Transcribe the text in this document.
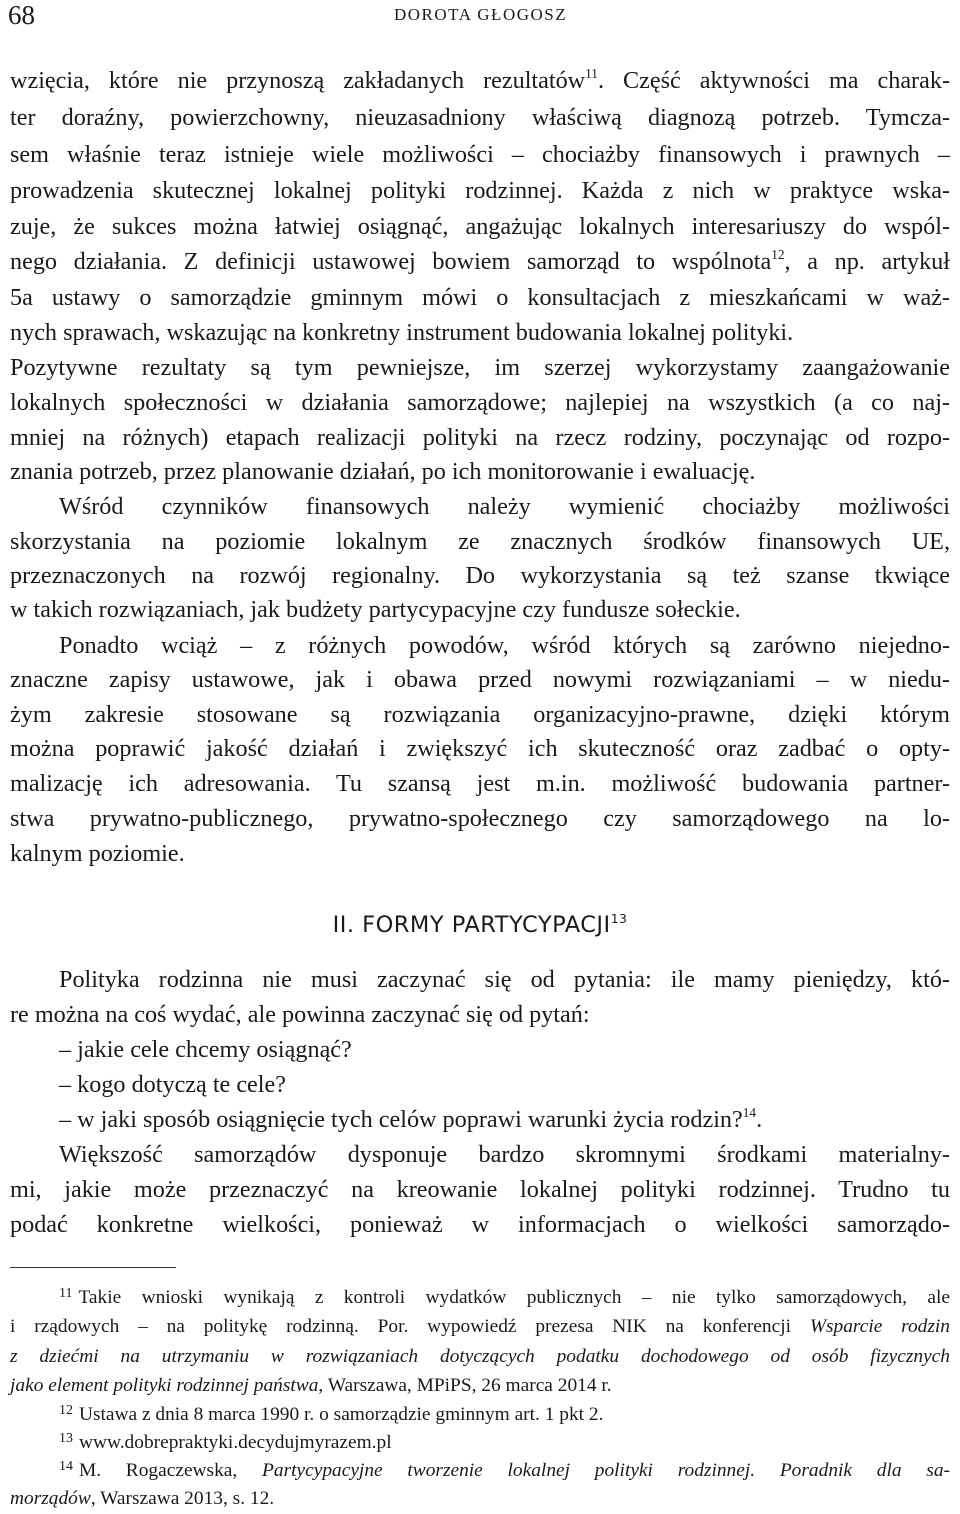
68	DOROTA GŁOGOSZ
wzięcia, które nie przynoszą zakładanych rezultatów$^{11}$. Część aktywności ma charak-
ter doraźny, powierzchowny, nieuzasadniony właściwą diagnozą potrzeb. Tymcza-
sem właśnie teraz istnieje wiele możliwości – chociażby finansowych i prawnych –
prowadzenia skutecznej lokalnej polityki rodzinnej. Każda z nich w praktyce wska-
zuje, że sukces można łatwiej osiągnąć, angażując lokalnych interesariuszy do wspól-
nego działania. Z definicji ustawowej bowiem samorząd to wspólnota$^{12}$, a np. artykuł
5a ustawy o samorządzie gminnym mówi o konsultacjach z mieszkańcami w waż-
nych sprawach, wskazując na konkretny instrument budowania lokalnej polityki.
Pozytywne rezultaty są tym pewniejsze, im szerzej wykorzystamy zaangażowanie
lokalnych społeczności w działania samorządowe; najlepiej na wszystkich (a co naj-
mniej na różnych) etapach realizacji polityki na rzecz rodziny, poczynając od rozpo-
znania potrzeb, przez planowanie działań, po ich monitorowanie i ewaluację.
Wśród czynników finansowych należy wymienić chociażby możliwości
skorzystania na poziomie lokalnym ze znacznych środków finansowych UE,
przeznaczonych na rozwój regionalny. Do wykorzystania są też szanse tkwiące
w takich rozwiązaniach, jak budżety partycypacyjne czy fundusze sołeckie.
Ponadto wciąż – z różnych powodów, wśród których są zarówno niejedno-
znaczne zapisy ustawowe, jak i obawa przed nowymi rozwiązaniami – w niedu-
żym zakresie stosowane są rozwiązania organizacyjno-prawne, dzięki którym
można poprawić jakość działań i zwiększyć ich skuteczność oraz zadbać o opty-
malizację ich adresowania. Tu szansą jest m.in. możliwość budowania partner-
stwa prywatno-publicznego, prywatno-społecznego czy samorządowego na lo-
kalnym poziomie.
II. FORMY PARTYCYPACJI$^{13}$
Polityka rodzinna nie musi zaczynać się od pytania: ile mamy pieniędzy, któ-
re można na coś wydać, ale powinna zaczynać się od pytań:
– jakie cele chcemy osiągnąć?
– kogo dotyczą te cele?
– w jaki sposób osiągnięcie tych celów poprawi warunki życia rodzin?$^{14}$.
Większość samorządów dysponuje bardzo skromnymi środkami materialny-
mi, jakie może przeznaczyć na kreowanie lokalnej polityki rodzinnej. Trudno tu
podać konkretne wielkości, ponieważ w informacjach o wielkości samorządo-
$^{11}$ Takie wnioski wynikają z kontroli wydatków publicznych – nie tylko samorządowych, ale
i rządowych – na politykę rodzinną. Por. wypowiedź prezesa NIK na konferencji Wsparcie rodzin
z dziećmi na utrzymaniu w rozwiązaniach dotyczących podatku dochodowego od osób fizycznych
jako element polityki rodzinnej państwa, Warszawa, MPiPS, 26 marca 2014 r.
$^{12}$ Ustawa z dnia 8 marca 1990 r. o samorządzie gminnym art. 1 pkt 2.
$^{13}$ www.dobrepraktyki.decydujmyrazem.pl
$^{14}$ M. Rogaczewska, Partycypacyjne tworzenie lokalnej polityki rodzinnej. Poradnik dla sa-
morządów, Warszawa 2013, s. 12.
